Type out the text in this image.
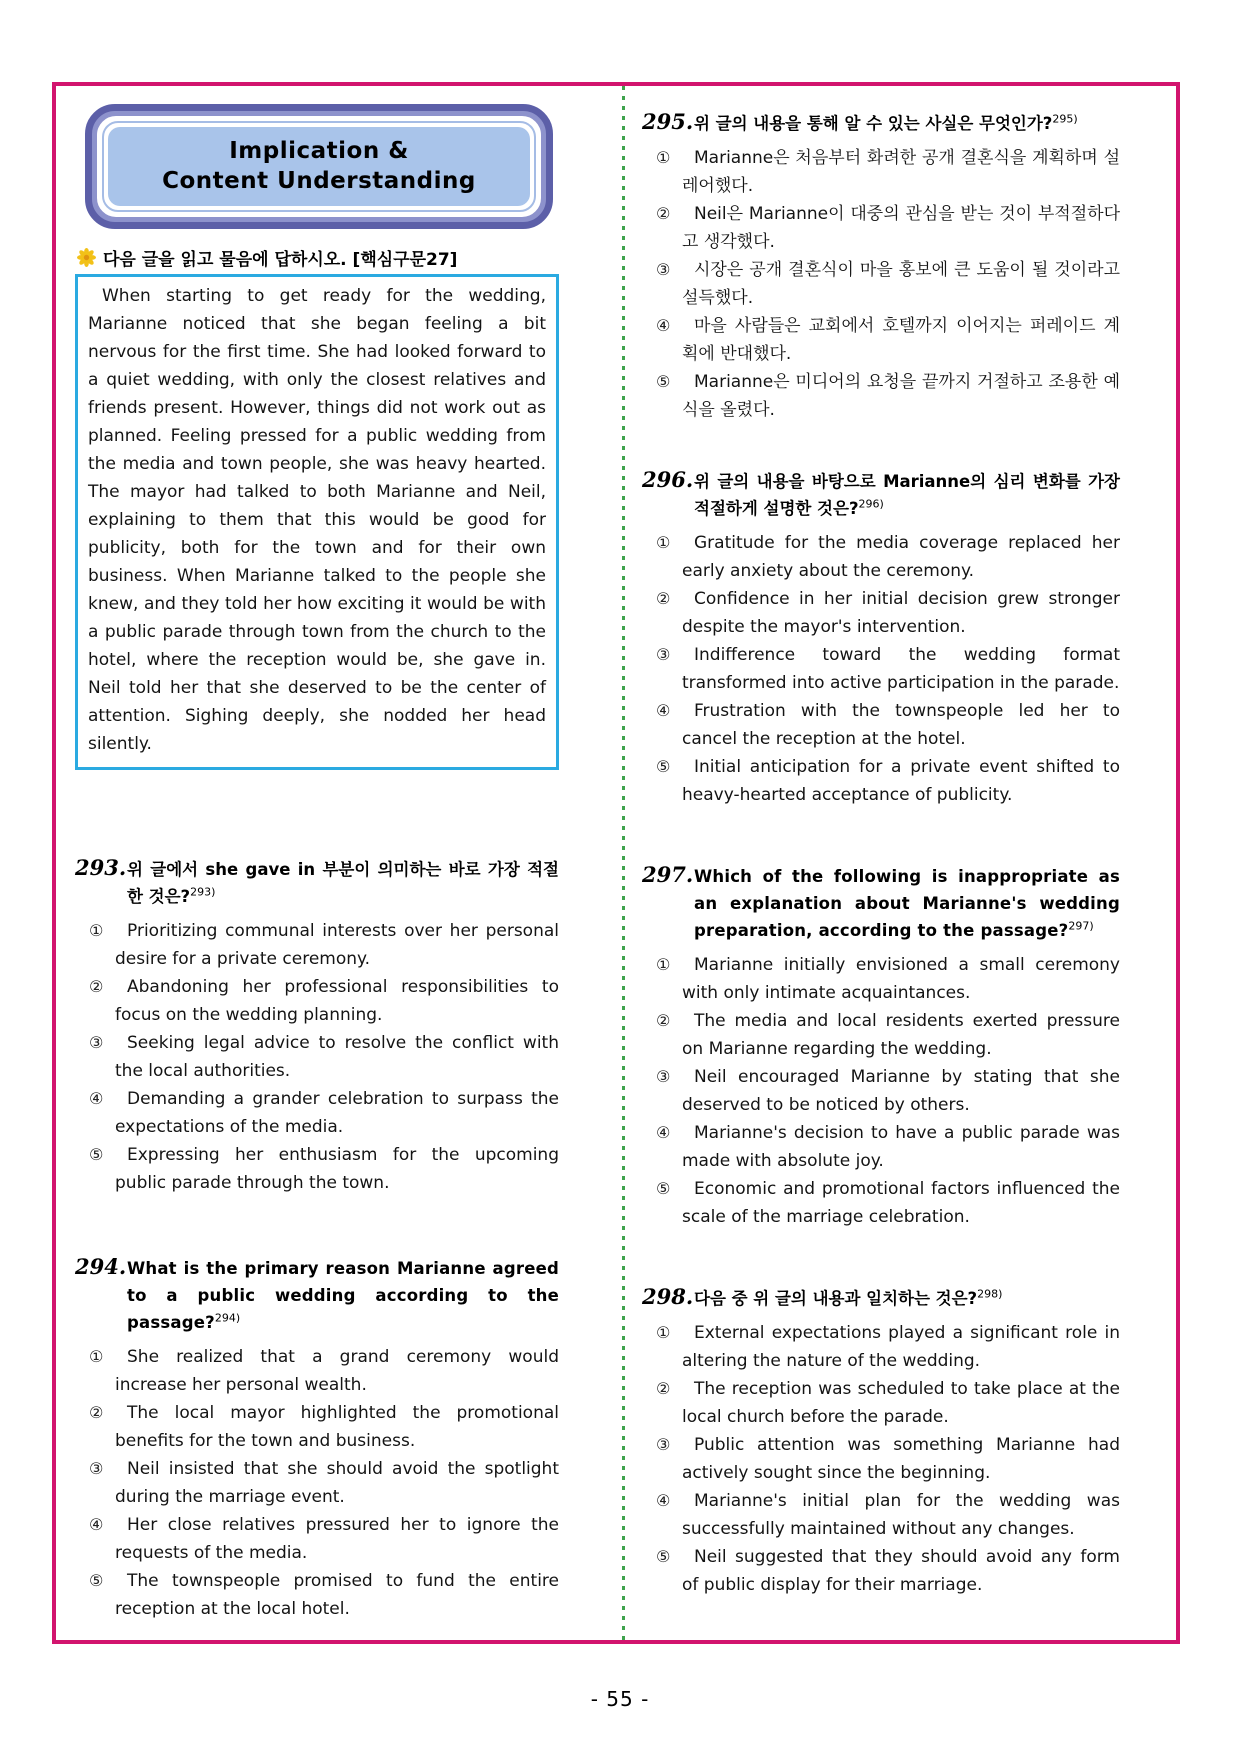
Implication &
Content Understanding
다음 글을 읽고 물음에 답하시오. [핵심구문27]

When starting to get ready for the wedding, Marianne noticed that she began feeling a bit nervous for the first time. She had looked forward to a quiet wedding, with only the closest relatives and friends present. However, things did not work out as planned. Feeling pressed for a public wedding from the media and town people, she was heavy hearted. The mayor had talked to both Marianne and Neil, explaining to them that this would be good for publicity, both for the town and for their own business. When Marianne talked to the people she knew, and they told her how exciting it would be with a public parade through town from the church to the hotel, where the reception would be, she gave in. Neil told her that she deserved to be the center of attention. Sighing deeply, she nodded her head silently.

293. 위 글에서 she gave in 부분이 의미하는 바로 가장 적절한 것은?$^{293)}$

① Prioritizing communal interests over her personal desire for a private ceremony.

② Abandoning her professional responsibilities to focus on the wedding planning.

③ Seeking legal advice to resolve the conflict with the local authorities.

④ Demanding a grander celebration to surpass the expectations of the media.

⑤ Expressing her enthusiasm for the upcoming public parade through the town.

294. What is the primary reason Marianne agreed to a public wedding according to the passage?$^{294)}$

① She realized that a grand ceremony would increase her personal wealth.

② The local mayor highlighted the promotional benefits for the town and business.

③ Neil insisted that she should avoid the spotlight during the marriage event.

④ Her close relatives pressured her to ignore the requests of the media.

⑤ The townspeople promised to fund the entire reception at the local hotel.

295. 위 글의 내용을 통해 알 수 있는 사실은 무엇인가?$^{295)}$

① Marianne은 처음부터 화려한 공개 결혼식을 계획하며 설레어했다.

② Neil은 Marianne이 대중의 관심을 받는 것이 부적절하다고 생각했다.

③ 시장은 공개 결혼식이 마을 홍보에 큰 도움이 될 것이라고 설득했다.

④ 마을 사람들은 교회에서 호텔까지 이어지는 퍼레이드 계획에 반대했다.

⑤ Marianne은 미디어의 요청을 끝까지 거절하고 조용한 예식을 올렸다.

296. 위 글의 내용을 바탕으로 Marianne의 심리 변화를 가장 적절하게 설명한 것은?$^{296)}$

① Gratitude for the media coverage replaced her early anxiety about the ceremony.

② Confidence in her initial decision grew stronger despite the mayor's intervention.

③ Indifference toward the wedding format transformed into active participation in the parade.

④ Frustration with the townspeople led her to cancel the reception at the hotel.

⑤ Initial anticipation for a private event shifted to heavy-hearted acceptance of publicity.

297. Which of the following is inappropriate as an explanation about Marianne's wedding preparation, according to the passage?$^{297)}$

① Marianne initially envisioned a small ceremony with only intimate acquaintances.

② The media and local residents exerted pressure on Marianne regarding the wedding.

③ Neil encouraged Marianne by stating that she deserved to be noticed by others.

④ Marianne's decision to have a public parade was made with absolute joy.

⑤ Economic and promotional factors influenced the scale of the marriage celebration.

298. 다음 중 위 글의 내용과 일치하는 것은?$^{298)}$

① External expectations played a significant role in altering the nature of the wedding.

② The reception was scheduled to take place at the local church before the parade.

③ Public attention was something Marianne had actively sought since the beginning.

④ Marianne's initial plan for the wedding was successfully maintained without any changes.

⑤ Neil suggested that they should avoid any form of public display for their marriage.

- 55 -
